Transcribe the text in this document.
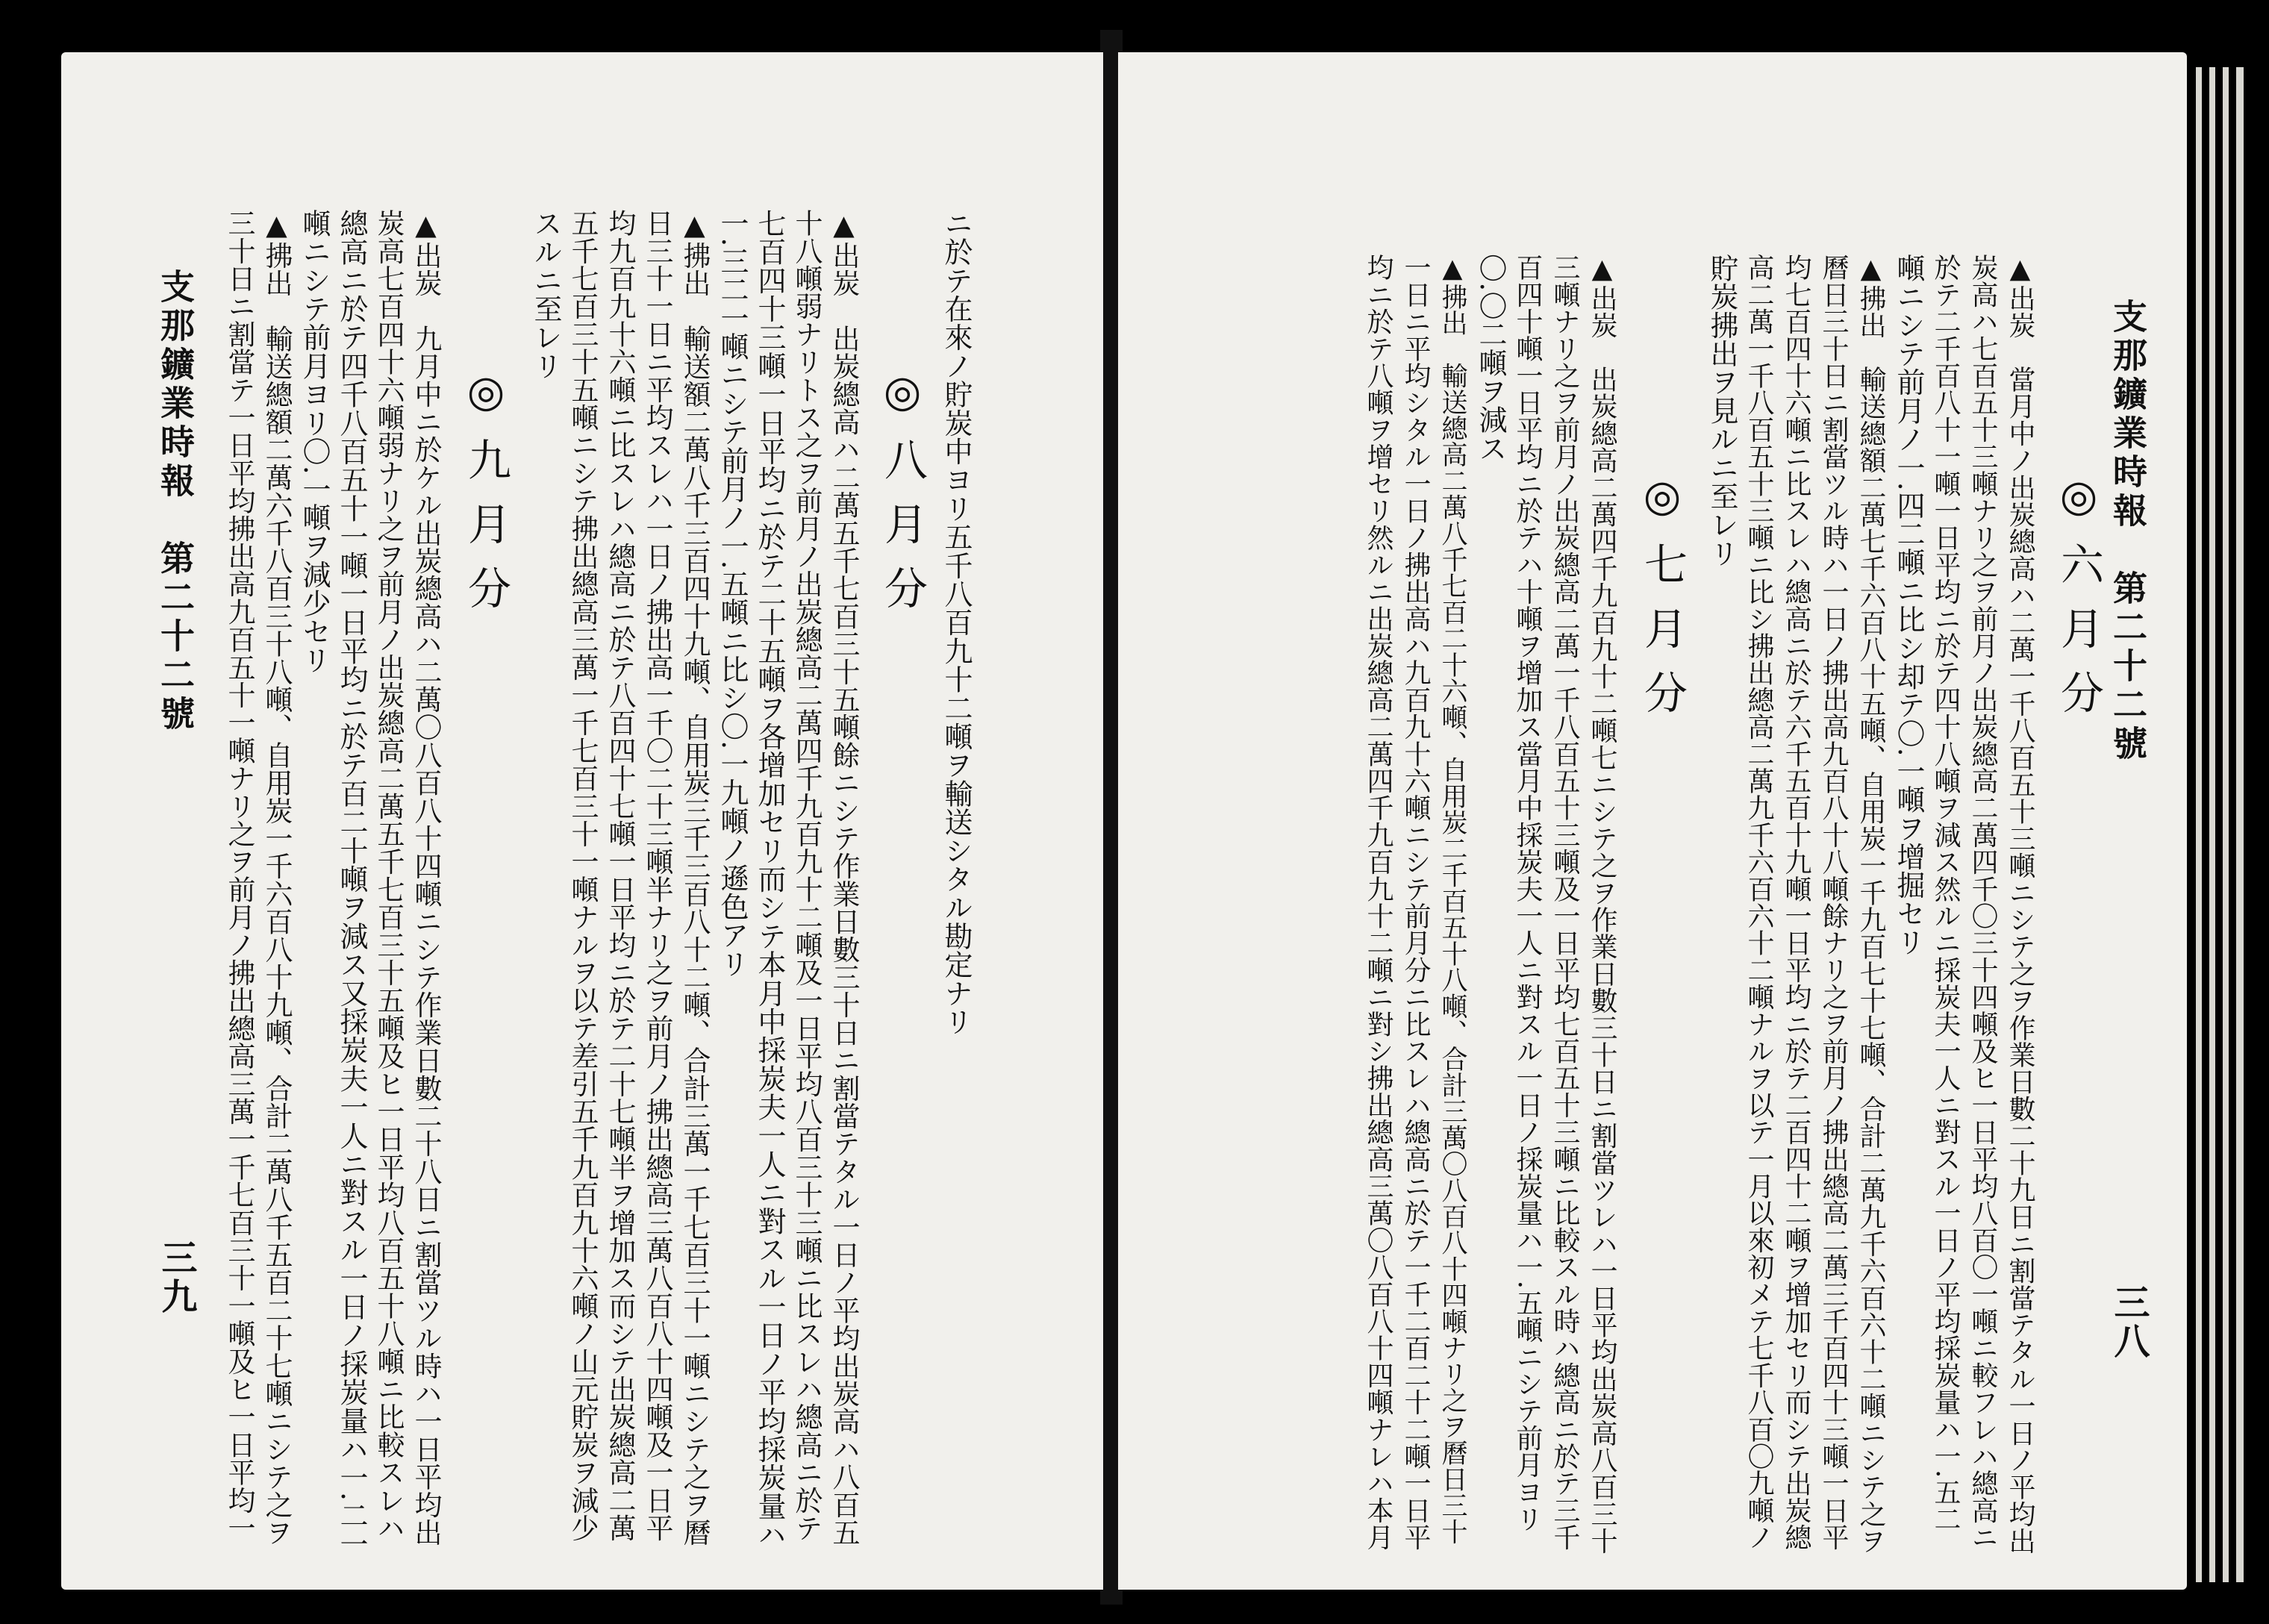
支那鑛業時報　第二十二號
三八
◎六月分
▲出炭　當月中ノ出炭總高ハ二萬一千八百五十三噸ニシテ之ヲ作業日數二十九日ニ割當テタル一日ノ平均出
炭高ハ七百五十三噸ナリ之ヲ前月ノ出炭總高二萬四千〇三十四噸及ヒ一日平均八百〇一噸ニ較フレハ總高ニ
於テ二千百八十一噸一日平均ニ於テ四十八噸ヲ減ス然ルニ採炭夫一人ニ對スル一日ノ平均採炭量ハ一.五二
噸ニシテ前月ノ一.四二噸ニ比シ却テ〇.一噸ヲ增掘セリ
▲拂出　輸送總額二萬七千六百八十五噸、自用炭一千九百七十七噸、合計二萬九千六百六十二噸ニシテ之ヲ
曆日三十日ニ割當ツル時ハ一日ノ拂出高九百八十八噸餘ナリ之ヲ前月ノ拂出總高二萬三千百四十三噸一日平
均七百四十六噸ニ比スレハ總高ニ於テ六千五百十九噸一日平均ニ於テ二百四十二噸ヲ增加セリ而シテ出炭總
高二萬一千八百五十三噸ニ比シ拂出總高二萬九千六百六十二噸ナルヲ以テ一月以來初メテ七千八百〇九噸ノ
貯炭拂出ヲ見ルニ至レリ
◎七月分
▲出炭　出炭總高二萬四千九百九十二噸七ニシテ之ヲ作業日數三十日ニ割當ツレハ一日平均出炭高八百三十
三噸ナリ之ヲ前月ノ出炭總高二萬一千八百五十三噸及一日平均七百五十三噸ニ比較スル時ハ總高ニ於テ三千
百四十噸一日平均ニ於テハ十噸ヲ增加ス當月中採炭夫一人ニ對スル一日ノ採炭量ハ一.五噸ニシテ前月ヨリ
〇.〇二噸ヲ減ス
▲拂出　輸送總高二萬八千七百二十六噸、自用炭二千百五十八噸、合計三萬〇八百八十四噸ナリ之ヲ曆日三十
一日ニ平均シタル一日ノ拂出高ハ九百九十六噸ニシテ前月分ニ比スレハ總高ニ於テ一千二百二十二噸一日平
均ニ於テ八噸ヲ增セリ然ルニ出炭總高二萬四千九百九十二噸ニ對シ拂出總高三萬〇八百八十四噸ナレハ本月
ニ於テ在來ノ貯炭中ヨリ五千八百九十二噸ヲ輸送シタル勘定ナリ
◎八月分
▲出炭　出炭總高ハ二萬五千七百三十五噸餘ニシテ作業日數三十日ニ割當テタル一日ノ平均出炭高ハ八百五
十八噸弱ナリトス之ヲ前月ノ出炭總高二萬四千九百九十二噸及一日平均八百三十三噸ニ比スレハ總高ニ於テ
七百四十三噸一日平均ニ於テ二十五噸ヲ各增加セリ而シテ本月中採炭夫一人ニ對スル一日ノ平均採炭量ハ
一.三二一噸ニシテ前月ノ一.五噸ニ比シ〇.一九噸ノ遜色アリ
▲拂出　輸送額二萬八千三百四十九噸、自用炭三千三百八十二噸、合計三萬一千七百三十一噸ニシテ之ヲ曆
日三十一日ニ平均スレハ一日ノ拂出高一千〇二十三噸半ナリ之ヲ前月ノ拂出總高三萬八百八十四噸及一日平
均九百九十六噸ニ比スレハ總高ニ於テ八百四十七噸一日平均ニ於テ二十七噸半ヲ增加ス而シテ出炭總高二萬
五千七百三十五噸ニシテ拂出總高三萬一千七百三十一噸ナルヲ以テ差引五千九百九十六噸ノ山元貯炭ヲ減少
スルニ至レリ
◎九月分
▲出炭　九月中ニ於ケル出炭總高ハ二萬〇八百八十四噸ニシテ作業日數二十八日ニ割當ツル時ハ一日平均出
炭高七百四十六噸弱ナリ之ヲ前月ノ出炭總高二萬五千七百三十五噸及ヒ一日平均八百五十八噸ニ比較スレハ
總高ニ於テ四千八百五十一噸一日平均ニ於テ百二十噸ヲ減ス又採炭夫一人ニ對スル一日ノ採炭量ハ一.二一
噸ニシテ前月ヨリ〇.一噸ヲ減少セリ
▲拂出　輸送總額二萬六千八百三十八噸、自用炭一千六百八十九噸、合計二萬八千五百二十七噸ニシテ之ヲ
三十日ニ割當テ一日平均拂出高九百五十一噸ナリ之ヲ前月ノ拂出總高三萬一千七百三十一噸及ヒ一日平均一
支那鑛業時報　第二十二號
三九
